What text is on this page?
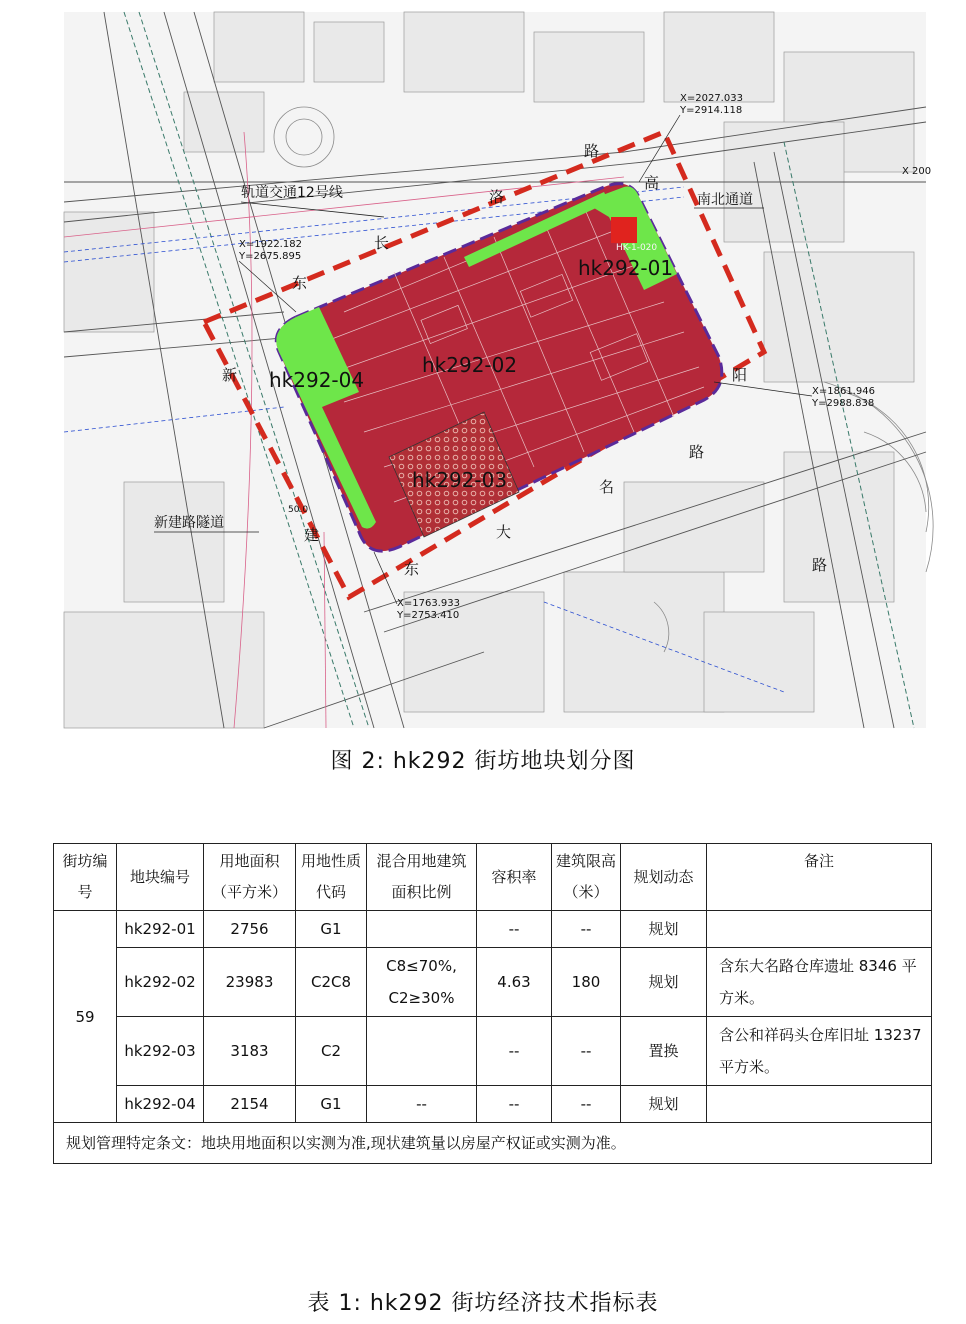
路
洛
长
东
高
阳
路
名
大
东	路
新
建
轨道交通12号线	南北通道
新建路隧道
hk292-01
hk292-02
hk292-03
hk292-04
HK-1-020
50.0
X=2027.033
Y=2914.118
X=1922.182
Y=2675.895
X=1861.946
Y=2988.838
X=1763.933
Y=2753.410
X 200
图 2: hk292 街坊地块划分图
街坊编号	地块编号	用地面积（平方米）	用地性质代码	混合用地建筑面积比例	容积率	建筑限高（米）	规划动态	备注
59	hk292-01	2756	G1		--	--	规划	
	hk292-02	23983	C2C8	C8≤70%, C2≥30%	4.63	180	规划	含东大名路仓库遗址 8346 平方米。
	hk292-03	3183	C2		--	--	置换	含公和祥码头仓库旧址 13237 平方米。
	hk292-04	2154	G1	--	--	--	规划	
规划管理特定条文：地块用地面积以实测为准,现状建筑量以房屋产权证或实测为准。								
表 1: hk292 街坊经济技术指标表
